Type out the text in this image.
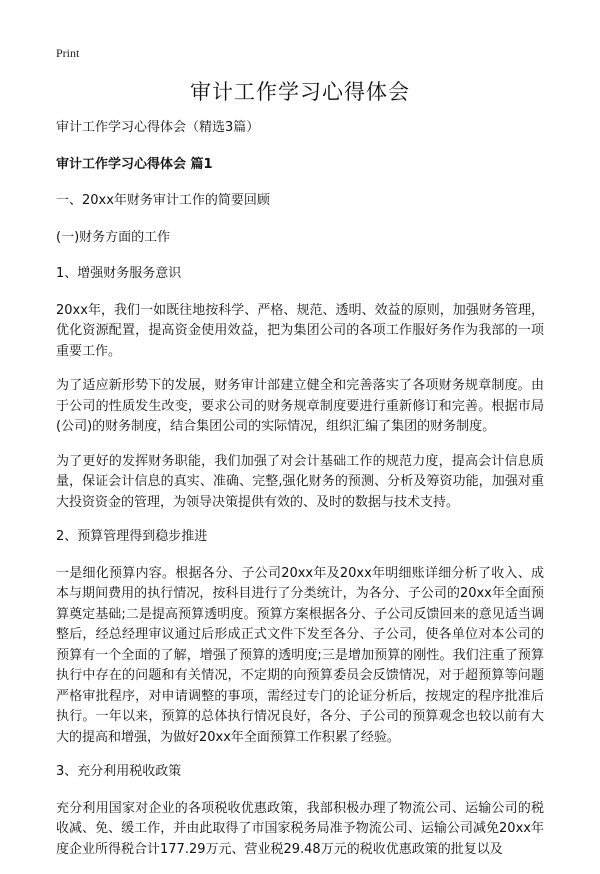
Print
审计工作学习心得体会

审计工作学习心得体会（精选3篇）

审计工作学习心得体会 篇1

一、20xx年财务审计工作的简要回顾

(一)财务方面的工作

1、增强财务服务意识

20xx年，我们一如既往地按科学、严格、规范、透明、效益的原则，加强财务管理，优化资源配置，提高资金使用效益，把为集团公司的各项工作服好务作为我部的一项重要工作。

为了适应新形势下的发展，财务审计部建立健全和完善落实了各项财务规章制度。由于公司的性质发生改变，要求公司的财务规章制度要进行重新修订和完善。根据市局(公司)的财务制度，结合集团公司的实际情况，组织汇编了集团的财务制度。

为了更好的发挥财务职能，我们加强了对会计基础工作的规范力度，提高会计信息质量，保证会计信息的真实、准确、完整,强化财务的预测、分析及筹资功能，加强对重大投资资金的管理，为领导决策提供有效的、及时的数据与技术支持。

2、预算管理得到稳步推进

一是细化预算内容。根据各分、子公司20xx年及20xx年明细账详细分析了收入、成本与期间费用的执行情况，按科目进行了分类统计，为各分、子公司的20xx年全面预算奠定基础;二是提高预算透明度。预算方案根据各分、子公司反馈回来的意见适当调整后，经总经理审议通过后形成正式文件下发至各分、子公司，使各单位对本公司的预算有一个全面的了解，增强了预算的透明度;三是增加预算的刚性。我们注重了预算执行中存在的问题和有关情况，不定期的向预算委员会反馈情况，对于超预算等问题严格审批程序，对申请调整的事项，需经过专门的论证分析后，按规定的程序批准后执行。一年以来，预算的总体执行情况良好，各分、子公司的预算观念也较以前有大大的提高和增强，为做好20xx年全面预算工作积累了经验。

3、充分利用税收政策

充分利用国家对企业的各项税收优惠政策，我部积极办理了物流公司、运输公司的税收减、免、缓工作，并由此取得了市国家税务局准予物流公司、运输公司减免20xx年度企业所得税合计177.29万元、营业税29.48万元的税收优惠政策的批复以及
